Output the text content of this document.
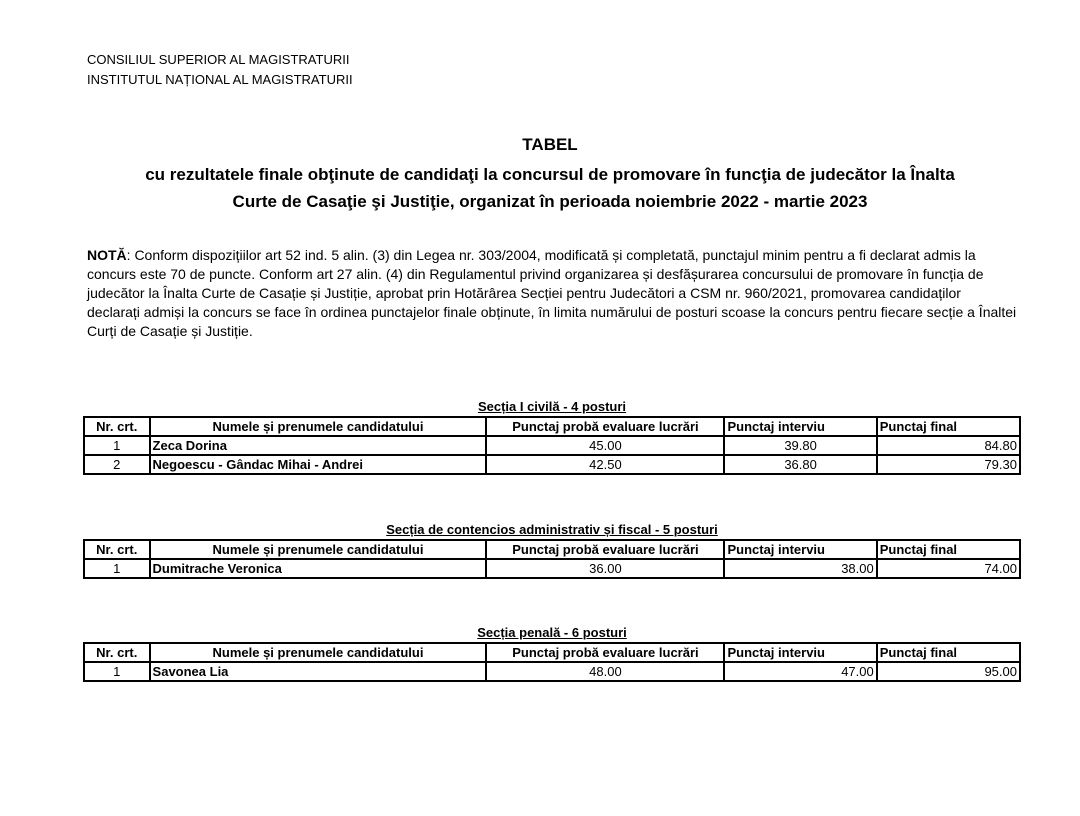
CONSILIUL SUPERIOR AL MAGISTRATURII
INSTITUTUL NAȚIONAL AL MAGISTRATURII
TABEL
cu rezultatele finale obţinute de candidaţi la concursul de promovare în funcţia de judecător la Înalta
Curte de Casaţie şi Justiţie, organizat în perioada noiembrie 2022 - martie 2023
NOTĂ: Conform dispozițiilor art 52 ind. 5 alin. (3) din Legea nr. 303/2004, modificată și completată, punctajul minim pentru a fi declarat admis la concurs este 70 de puncte. Conform art 27 alin. (4) din Regulamentul privind organizarea și desfășurarea concursului de promovare în funcția de judecător la Înalta Curte de Casație și Justiție, aprobat prin Hotărârea Secției pentru Judecători a CSM nr. 960/2021, promovarea candidaților declarați admiși la concurs se face în ordinea punctajelor finale obținute, în limita numărului de posturi scoase la concurs pentru fiecare secție a Înaltei Curți de Casație și Justiție.
Secția I civilă - 4 posturi
Nr. crt.	Numele și prenumele candidatului	Punctaj probă evaluare lucrări	Punctaj interviu	Punctaj final
1	Zeca Dorina	45.00	39.80	84.80
2	Negoescu - Gândac Mihai - Andrei	42.50	36.80	79.30
Secția de contencios administrativ și fiscal - 5 posturi
Nr. crt.	Numele și prenumele candidatului	Punctaj probă evaluare lucrări	Punctaj interviu	Punctaj final
1	Dumitrache Veronica	36.00	38.00	74.00
Secția penală - 6 posturi
Nr. crt.	Numele și prenumele candidatului	Punctaj probă evaluare lucrări	Punctaj interviu	Punctaj final
1	Savonea Lia	48.00	47.00	95.00
